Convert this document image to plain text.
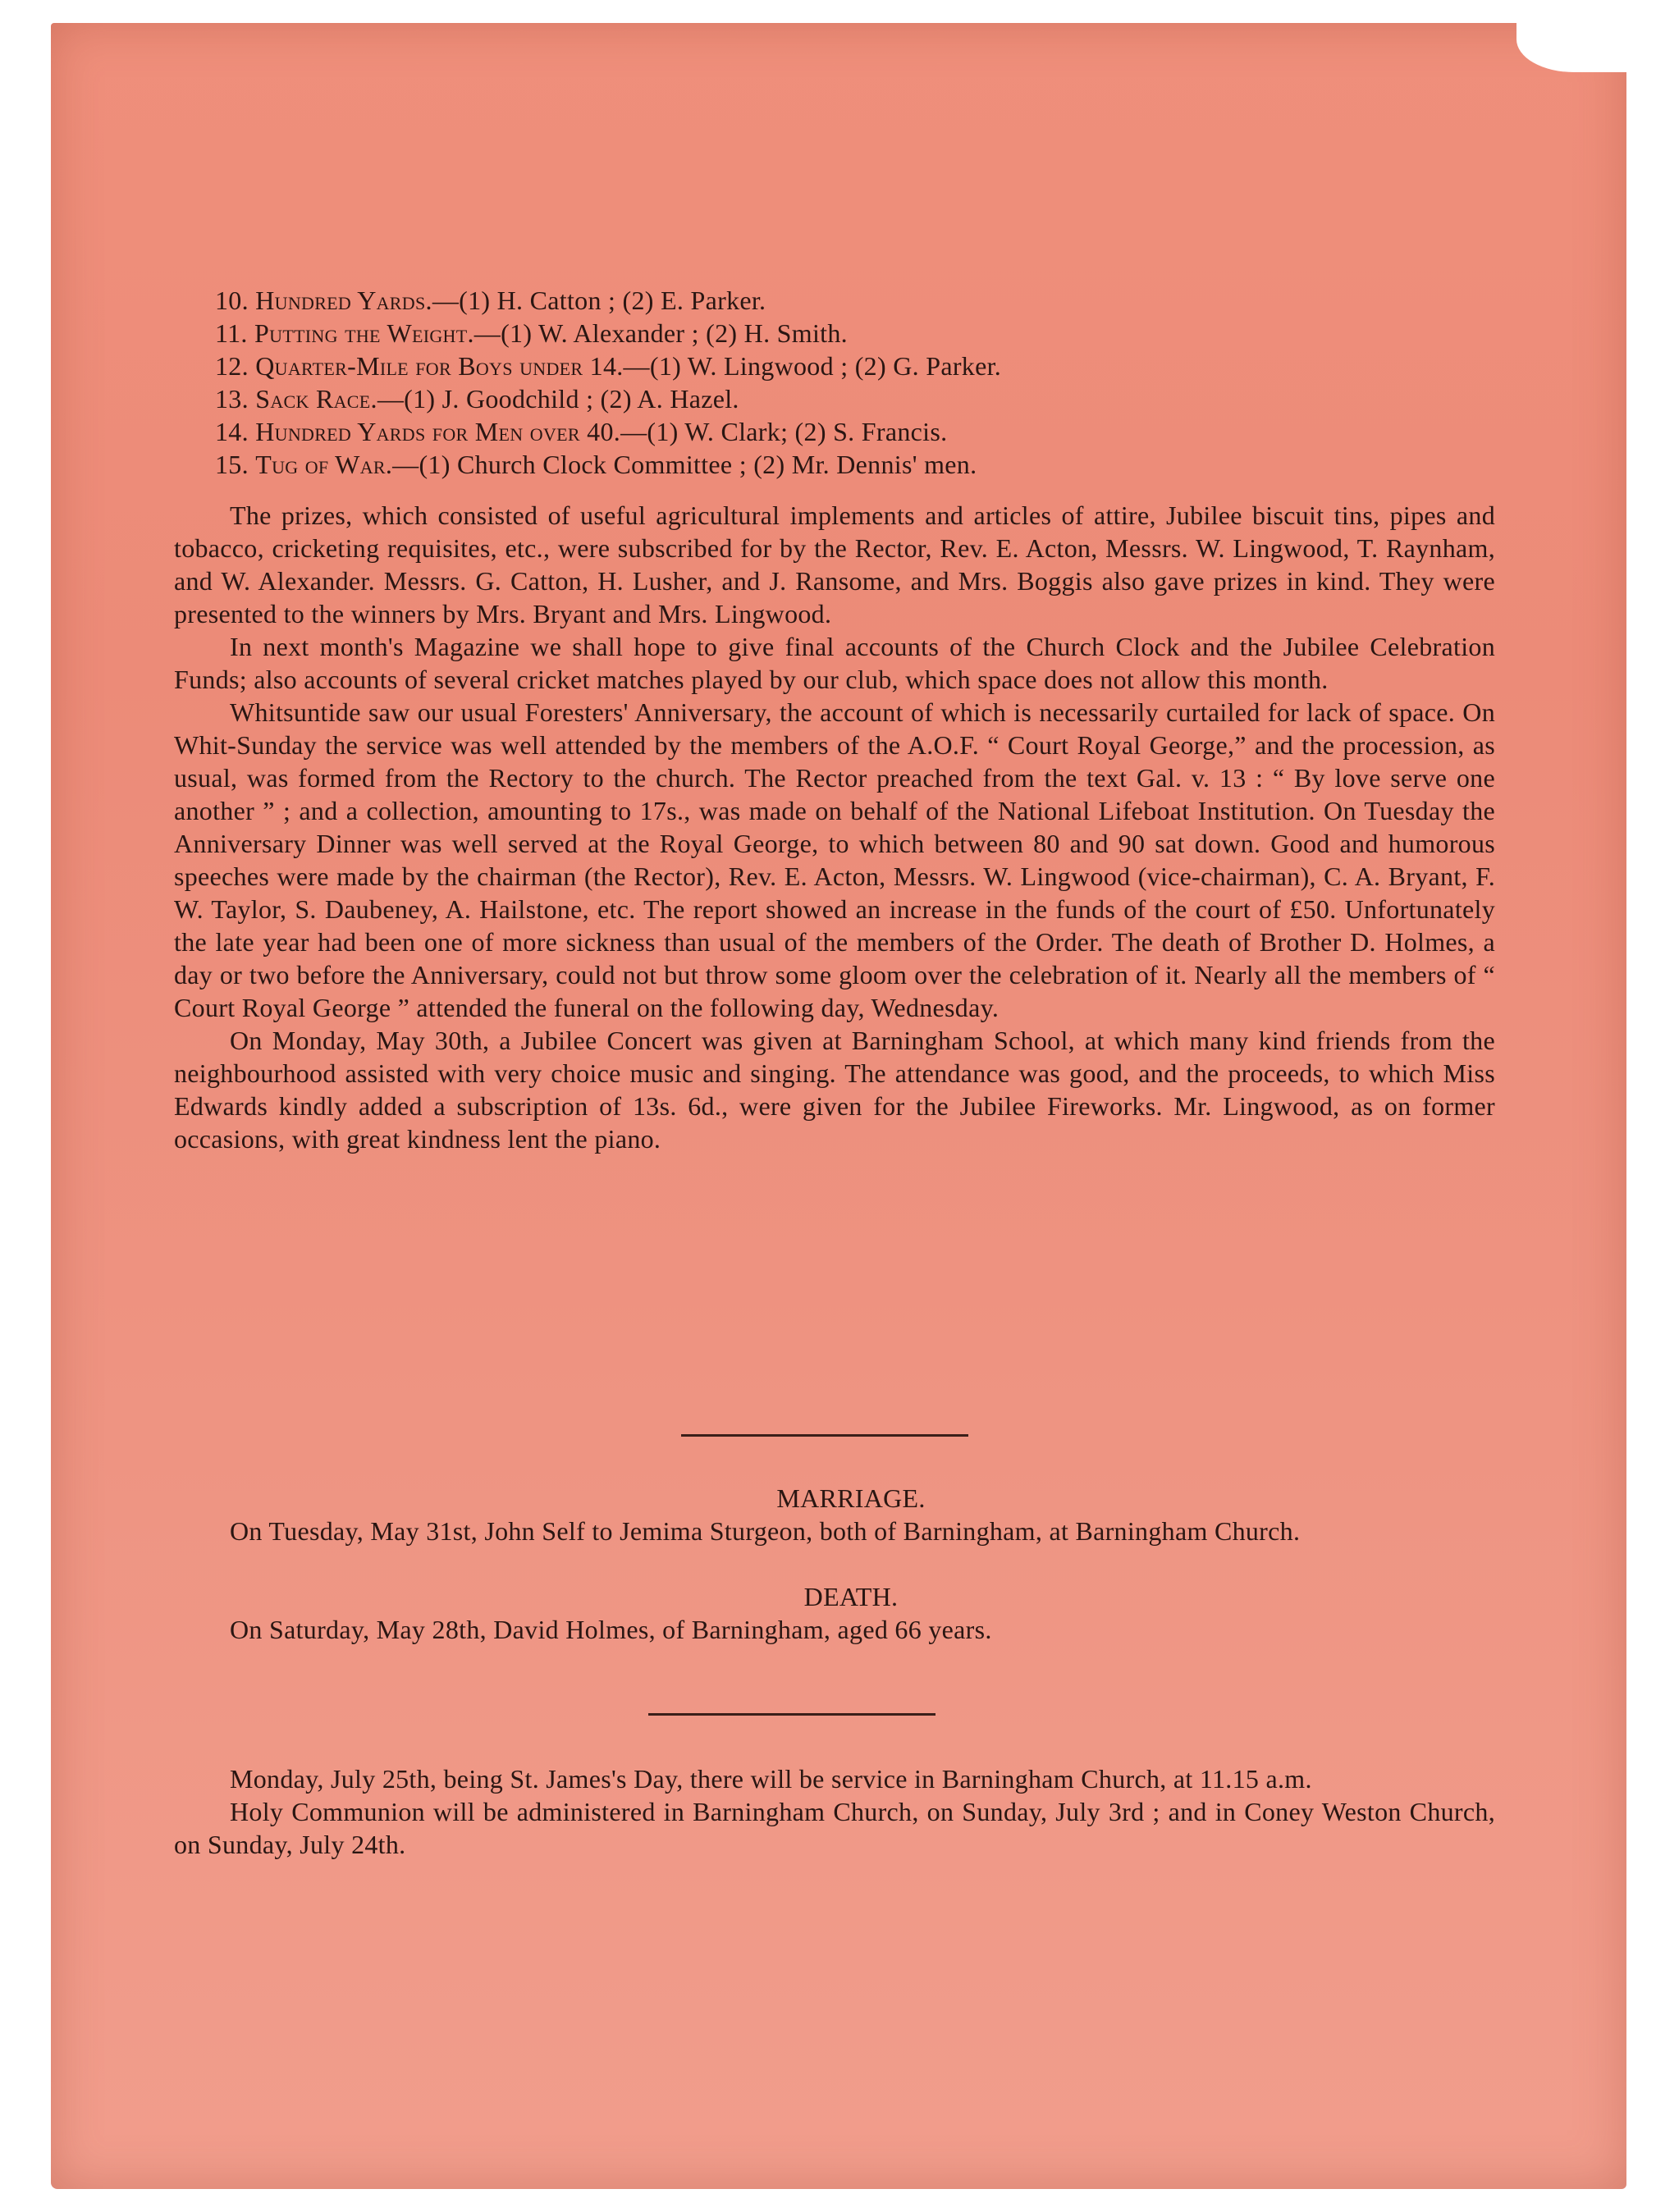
10. Hundred Yards.—(1) H. Catton ; (2) E. Parker.
11. Putting the Weight.—(1) W. Alexander ; (2) H. Smith.
12. Quarter-Mile for Boys under 14.—(1) W. Lingwood ; (2) G. Parker.
13. Sack Race.—(1) J. Goodchild ; (2) A. Hazel.
14. Hundred Yards for Men over 40.—(1) W. Clark; (2) S. Francis.
15. Tug of War.—(1) Church Clock Committee ; (2) Mr. Dennis' men.

The prizes, which consisted of useful agricultural implements and articles of attire, Jubilee biscuit tins, pipes and tobacco, cricketing requisites, etc., were subscribed for by the Rector, Rev. E. Acton, Messrs. W. Lingwood, T. Raynham, and W. Alexander. Messrs. G. Catton, H. Lusher, and J. Ransome, and Mrs. Boggis also gave prizes in kind. They were presented to the winners by Mrs. Bryant and Mrs. Lingwood.

In next month's Magazine we shall hope to give final accounts of the Church Clock and the Jubilee Celebration Funds; also accounts of several cricket matches played by our club, which space does not allow this month.

Whitsuntide saw our usual Foresters' Anniversary, the account of which is necessarily curtailed for lack of space. On Whit-Sunday the service was well attended by the members of the A.O.F. “ Court Royal George,” and the procession, as usual, was formed from the Rectory to the church. The Rector preached from the text Gal. v. 13 : “ By love serve one another ” ; and a collection, amounting to 17s., was made on behalf of the National Lifeboat Institution. On Tuesday the Anniversary Dinner was well served at the Royal George, to which between 80 and 90 sat down. Good and humorous speeches were made by the chairman (the Rector), Rev. E. Acton, Messrs. W. Lingwood (vice-chairman), C. A. Bryant, F. W. Taylor, S. Daubeney, A. Hailstone, etc. The report showed an increase in the funds of the court of £50. Unfortunately the late year had been one of more sickness than usual of the members of the Order. The death of Brother D. Holmes, a day or two before the Anniversary, could not but throw some gloom over the celebration of it. Nearly all the members of “ Court Royal George ” attended the funeral on the following day, Wednesday.

On Monday, May 30th, a Jubilee Concert was given at Barningham School, at which many kind friends from the neighbourhood assisted with very choice music and singing. The attendance was good, and the proceeds, to which Miss Edwards kindly added a subscription of 13s. 6d., were given for the Jubilee Fireworks. Mr. Lingwood, as on former occasions, with great kindness lent the piano.

MARRIAGE.

On Tuesday, May 31st, John Self to Jemima Sturgeon, both of Barningham, at Barningham Church.

DEATH.

On Saturday, May 28th, David Holmes, of Barningham, aged 66 years.

Monday, July 25th, being St. James's Day, there will be service in Barningham Church, at 11.15 a.m.

Holy Communion will be administered in Barningham Church, on Sunday, July 3rd ; and in Coney Weston Church, on Sunday, July 24th.
